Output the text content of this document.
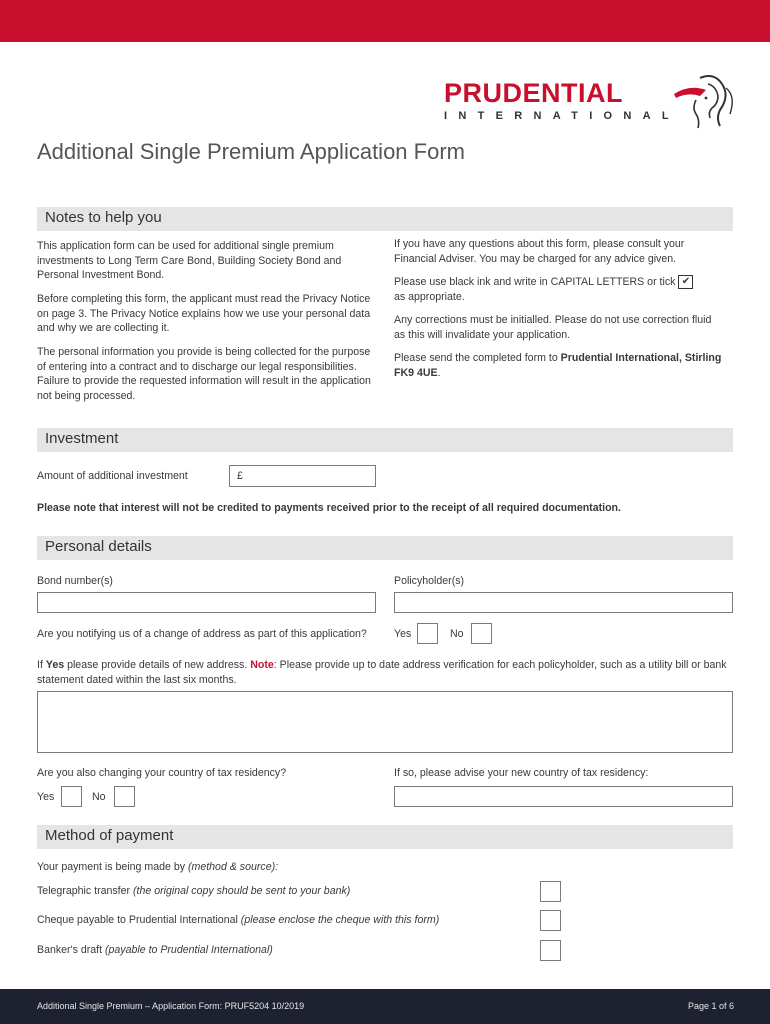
PRUDENTIAL
INTERNATIONAL
Additional Single Premium Application Form
Notes to help you
This application form can be used for additional single premium investments to Long Term Care Bond, Building Society Bond and Personal Investment Bond.
Before completing this form, the applicant must read the Privacy Notice on page 3. The Privacy Notice explains how we use your personal data and why we are collecting it.
The personal information you provide is being collected for the purpose of entering into a contract and to discharge our legal responsibilities. Failure to provide the requested information will result in the application not being processed.
If you have any questions about this form, please consult your Financial Adviser. You may be charged for any advice given.
Please use black ink and write in CAPITAL LETTERS or tick ✔
as appropriate.
Any corrections must be initialled. Please do not use correction fluid as this will invalidate your application.
Please send the completed form to Prudential International, Stirling FK9 4UE.
Investment
Amount of additional investment	£
Please note that interest will not be credited to payments received prior to the receipt of all required documentation.
Personal details
Bond number(s)	Policyholder(s)
Are you notifying us of a change of address as part of this application?	Yes	No
If Yes please provide details of new address. Note: Please provide up to date address verification for each policyholder, such as a utility bill or bank statement dated within the last six months.
Are you also changing your country of tax residency?	If so, please advise your new country of tax residency:
Yes	No
Method of payment
Your payment is being made by (method & source):
Telegraphic transfer (the original copy should be sent to your bank)
Cheque payable to Prudential International (please enclose the cheque with this form)
Banker's draft (payable to Prudential International)
Additional Single Premium – Application Form: PRUF5204 10/2019	Page 1 of 6
